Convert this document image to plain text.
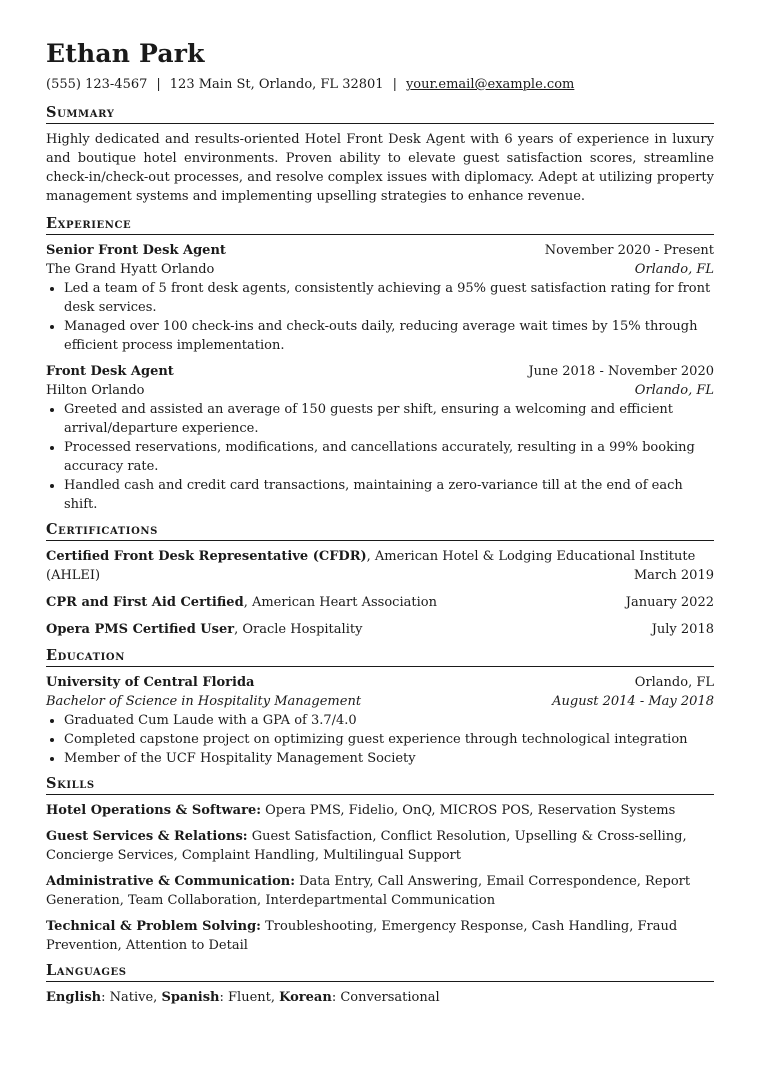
Ethan Park
(555) 123-4567 | 123 Main St, Orlando, FL 32801 | your.email@example.com
Summary
Highly dedicated and results-oriented Hotel Front Desk Agent with 6 years of experience in luxury and boutique hotel environments. Proven ability to elevate guest satisfaction scores, streamline check-in/check-out processes, and resolve complex issues with diplomacy. Adept at utilizing property management systems and implementing upselling strategies to enhance revenue.
Experience
Senior Front Desk Agent	November 2020 - Present
The Grand Hyatt Orlando	Orlando, FL
• Led a team of 5 front desk agents, consistently achieving a 95% guest satisfaction rating for front desk services.
• Managed over 100 check-ins and check-outs daily, reducing average wait times by 15% through efficient process implementation.
Front Desk Agent	June 2018 - November 2020
Hilton Orlando	Orlando, FL
• Greeted and assisted an average of 150 guests per shift, ensuring a welcoming and efficient arrival/departure experience.
• Processed reservations, modifications, and cancellations accurately, resulting in a 99% booking accuracy rate.
• Handled cash and credit card transactions, maintaining a zero-variance till at the end of each shift.
Certifications
Certified Front Desk Representative (CFDR), American Hotel & Lodging Educational Institute
(AHLEI)	March 2019
CPR and First Aid Certified, American Heart Association	January 2022
Opera PMS Certified User, Oracle Hospitality	July 2018
Education
University of Central Florida	Orlando, FL
Bachelor of Science in Hospitality Management	August 2014 - May 2018
• Graduated Cum Laude with a GPA of 3.7/4.0
• Completed capstone project on optimizing guest experience through technological integration
• Member of the UCF Hospitality Management Society
Skills
Hotel Operations & Software: Opera PMS, Fidelio, OnQ, MICROS POS, Reservation Systems
Guest Services & Relations: Guest Satisfaction, Conflict Resolution, Upselling & Cross-selling, Concierge Services, Complaint Handling, Multilingual Support
Administrative & Communication: Data Entry, Call Answering, Email Correspondence, Report Generation, Team Collaboration, Interdepartmental Communication
Technical & Problem Solving: Troubleshooting, Emergency Response, Cash Handling, Fraud Prevention, Attention to Detail
Languages
English: Native, Spanish: Fluent, Korean: Conversational
